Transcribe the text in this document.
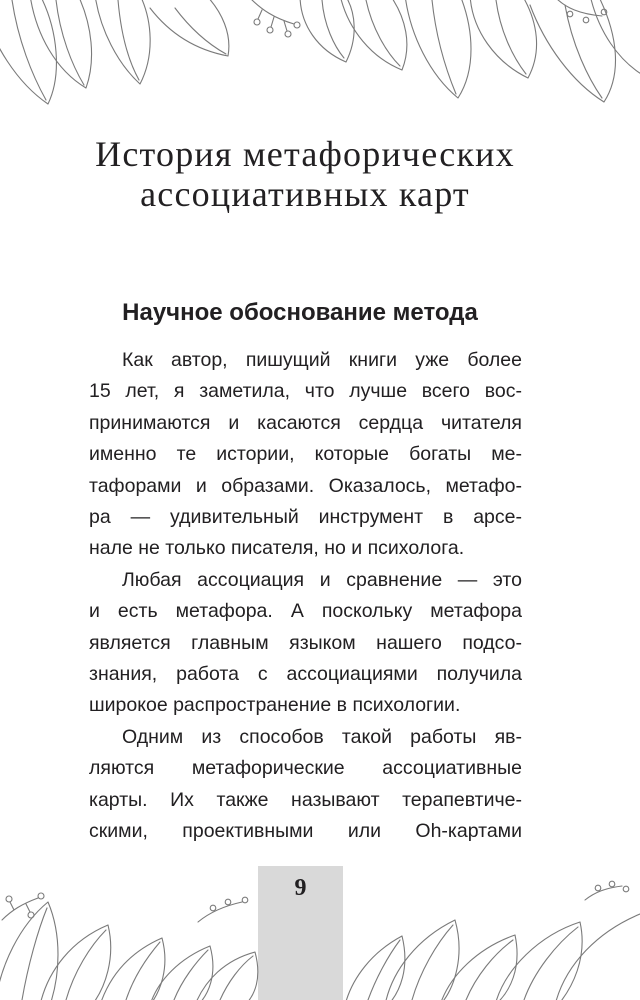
История метафорических
ассоциативных карт
Научное обоснование метода
Как автор, пишущий книги уже более
15 лет, я заметила, что лучше всего вос-
принимаются и касаются сердца читателя
именно те истории, которые богаты ме-
тафорами и образами. Оказалось, метафо-
ра — удивительный инструмент в арсе-
нале не только писателя, но и психолога.
Любая ассоциация и сравнение — это
и есть метафора. А поскольку метафора
является главным языком нашего подсо-
знания, работа с ассоциациями получила
широкое распространение в психологии.
Одним из способов такой работы яв-
ляются метафорические ассоциативные
карты. Их также называют терапевтиче-
скими, проективными или Oh-картами
9
